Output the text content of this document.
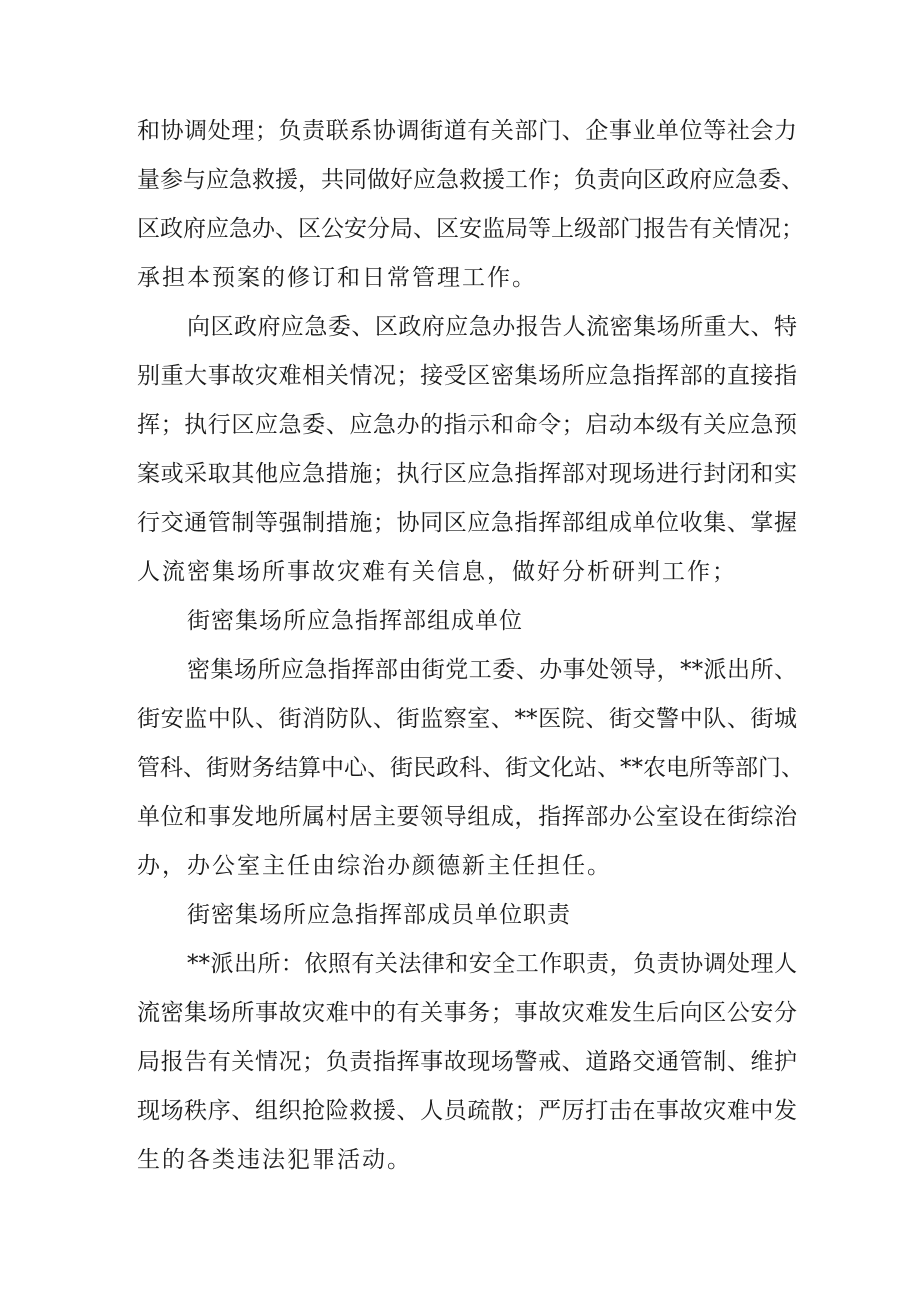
和协调处理；负责联系协调街道有关部门、企事业单位等社会力
量参与应急救援，共同做好应急救援工作；负责向区政府应急委、
区政府应急办、区公安分局、区安监局等上级部门报告有关情况；
承担本预案的修订和日常管理工作。
向区政府应急委、区政府应急办报告人流密集场所重大、特
别重大事故灾难相关情况；接受区密集场所应急指挥部的直接指
挥；执行区应急委、应急办的指示和命令；启动本级有关应急预
案或采取其他应急措施；执行区应急指挥部对现场进行封闭和实
行交通管制等强制措施；协同区应急指挥部组成单位收集、掌握
人流密集场所事故灾难有关信息，做好分析研判工作；
街密集场所应急指挥部组成单位
密集场所应急指挥部由街党工委、办事处领导，**派出所、
街安监中队、街消防队、街监察室、**医院、街交警中队、街城
管科、街财务结算中心、街民政科、街文化站、**农电所等部门、
单位和事发地所属村居主要领导组成，指挥部办公室设在街综治
办，办公室主任由综治办颜德新主任担任。
街密集场所应急指挥部成员单位职责
**派出所：依照有关法律和安全工作职责，负责协调处理人
流密集场所事故灾难中的有关事务；事故灾难发生后向区公安分
局报告有关情况；负责指挥事故现场警戒、道路交通管制、维护
现场秩序、组织抢险救援、人员疏散；严厉打击在事故灾难中发
生的各类违法犯罪活动。
